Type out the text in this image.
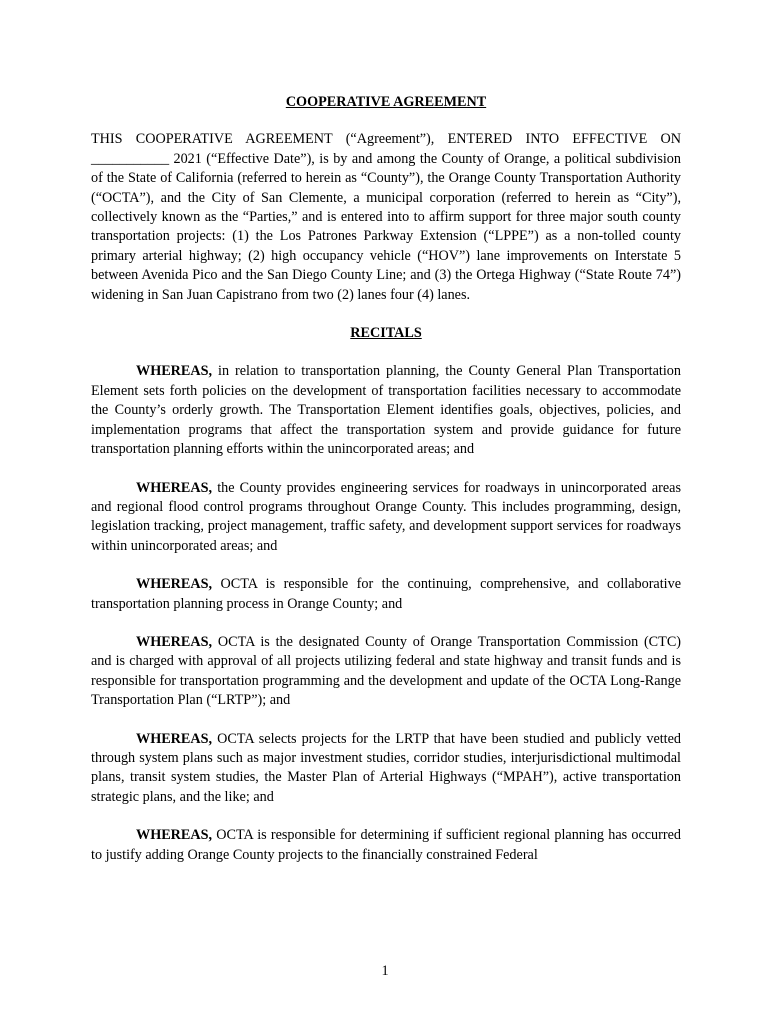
COOPERATIVE AGREEMENT

THIS COOPERATIVE AGREEMENT (“Agreement”), ENTERED INTO EFFECTIVE ON ___________ 2021 (“Effective Date”), is by and among the County of Orange, a political subdivision of the State of California (referred to herein as “County”), the Orange County Transportation Authority (“OCTA”), and the City of San Clemente, a municipal corporation (referred to herein as “City”), collectively known as the “Parties,” and is entered into to affirm support for three major south county transportation projects: (1) the Los Patrones Parkway Extension (“LPPE”) as a non-tolled county primary arterial highway; (2) high occupancy vehicle (“HOV”) lane improvements on Interstate 5 between Avenida Pico and the San Diego County Line; and (3) the Ortega Highway (“State Route 74”) widening in San Juan Capistrano from two (2) lanes four (4) lanes.

RECITALS

WHEREAS, in relation to transportation planning, the County General Plan Transportation Element sets forth policies on the development of transportation facilities necessary to accommodate the County’s orderly growth. The Transportation Element identifies goals, objectives, policies, and implementation programs that affect the transportation system and provide guidance for future transportation planning efforts within the unincorporated areas; and

WHEREAS, the County provides engineering services for roadways in unincorporated areas and regional flood control programs throughout Orange County. This includes programming, design, legislation tracking, project management, traffic safety, and development support services for roadways within unincorporated areas; and

WHEREAS, OCTA is responsible for the continuing, comprehensive, and collaborative transportation planning process in Orange County; and

WHEREAS, OCTA is the designated County of Orange Transportation Commission (CTC) and is charged with approval of all projects utilizing federal and state highway and transit funds and is responsible for transportation programming and the development and update of the OCTA Long-Range Transportation Plan (“LRTP”); and

WHEREAS, OCTA selects projects for the LRTP that have been studied and publicly vetted through system plans such as major investment studies, corridor studies, interjurisdictional multimodal plans, transit system studies, the Master Plan of Arterial Highways (“MPAH”), active transportation strategic plans, and the like; and

WHEREAS, OCTA is responsible for determining if sufficient regional planning has occurred to justify adding Orange County projects to the financially constrained Federal

1
